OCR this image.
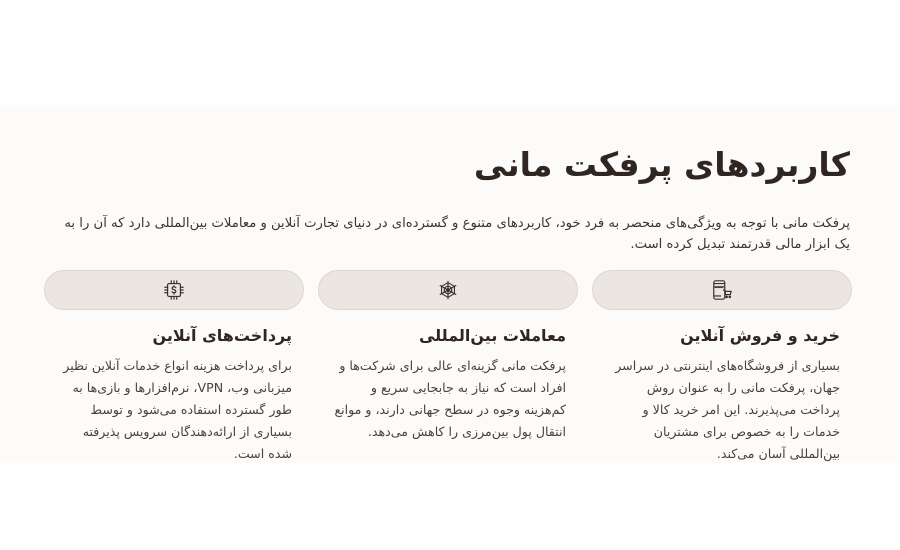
کاربردهای پرفکت مانی

پرفکت مانی با توجه به ویژگی‌های منحصر به فرد خود، کاربردهای متنوع و گسترده‌ای در دنیای تجارت آنلاین و معاملات بین‌المللی دارد که آن را به یک ابزار مالی قدرتمند تبدیل کرده است.

خرید و فروش آنلاین

بسیاری از فروشگاه‌های اینترنتی در سراسر جهان، پرفکت مانی را به عنوان روش پرداخت می‌پذیرند. این امر خرید کالا و خدمات را به خصوص برای مشتریان بین‌المللی آسان می‌کند.

معاملات بین‌المللی

پرفکت مانی گزینه‌ای عالی برای شرکت‌ها و افراد است که نیاز به جابجایی سریع و کم‌هزینه وجوه در سطح جهانی دارند، و موانع انتقال پول بین‌مرزی را کاهش می‌دهد.

پرداخت‌های آنلاین

برای پرداخت هزینه انواع خدمات آنلاین نظیر میزبانی وب، VPN، نرم‌افزارها و بازی‌ها به طور گسترده استفاده می‌شود و توسط بسیاری از ارائه‌دهندگان سرویس پذیرفته شده است.
